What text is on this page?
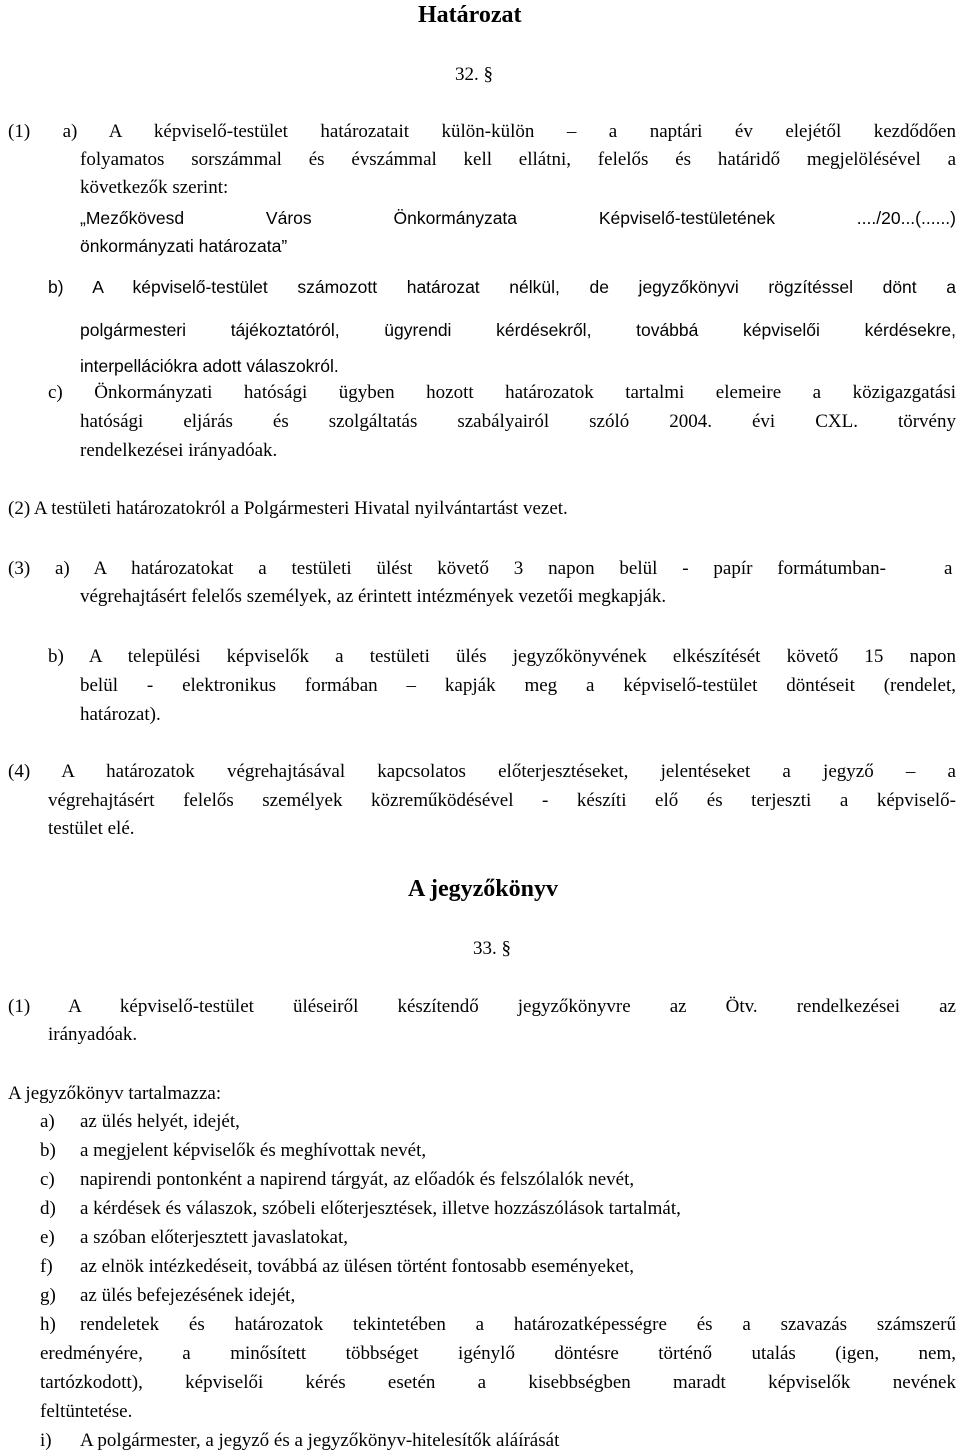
Határozat
32. §
(1) a) A képviselő-testület határozatait külön-külön – a naptári év elejétől kezdődően
folyamatos sorszámmal és évszámmal kell ellátni, felelős és határidő megjelölésével a
következők szerint:
„Mezőkövesd Város Önkormányzata Képviselő-testületének ..../20...(......)
önkormányzati határozata”
b) A képviselő-testület számozott határozat nélkül, de jegyzőkönyvi rögzítéssel dönt a
polgármesteri tájékoztatóról, ügyrendi kérdésekről, továbbá képviselői kérdésekre,
interpellációkra adott válaszokról.
c) Önkormányzati hatósági ügyben hozott határozatok tartalmi elemeire a közigazgatási
hatósági eljárás és szolgáltatás szabályairól szóló 2004. évi CXL. törvény
rendelkezései irányadóak.
(2) A testületi határozatokról a Polgármesteri Hivatal nyilvántartást vezet.
(3) a) A határozatokat a testületi ülést követő 3 napon belül - papír formátumban-	a
végrehajtásért felelős személyek, az érintett intézmények vezetői megkapják.
b) A települési képviselők a testületi ülés jegyzőkönyvének elkészítését követő 15 napon
belül - elektronikus formában – kapják meg a képviselő-testület döntéseit (rendelet,
határozat).
(4) A határozatok végrehajtásával kapcsolatos előterjesztéseket, jelentéseket a jegyző – a
végrehajtásért felelős személyek közreműködésével - készíti elő és terjeszti a képviselő-
testület elé.
A jegyzőkönyv
33. §
(1) A képviselő-testület üléseiről készítendő jegyzőkönyvre az Ötv. rendelkezései az
irányadóak.
A jegyzőkönyv tartalmazza:
a) az ülés helyét, idejét,
b) a megjelent képviselők és meghívottak nevét,
c) napirendi pontonként a napirend tárgyát, az előadók és felszólalók nevét,
d) a kérdések és válaszok, szóbeli előterjesztések, illetve hozzászólások tartalmát,
e) a szóban előterjesztett javaslatokat,
f) az elnök intézkedéseit, továbbá az ülésen történt fontosabb eseményeket,
g) az ülés befejezésének idejét,
h) rendeletek és határozatok tekintetében a határozatképességre és a szavazás számszerű
eredményére, a minősített többséget igénylő döntésre történő utalás (igen, nem,
tartózkodott), képviselői kérés esetén a kisebbségben maradt képviselők nevének
feltüntetése.
i) A polgármester, a jegyző és a jegyzőkönyv-hitelesítők aláírását
